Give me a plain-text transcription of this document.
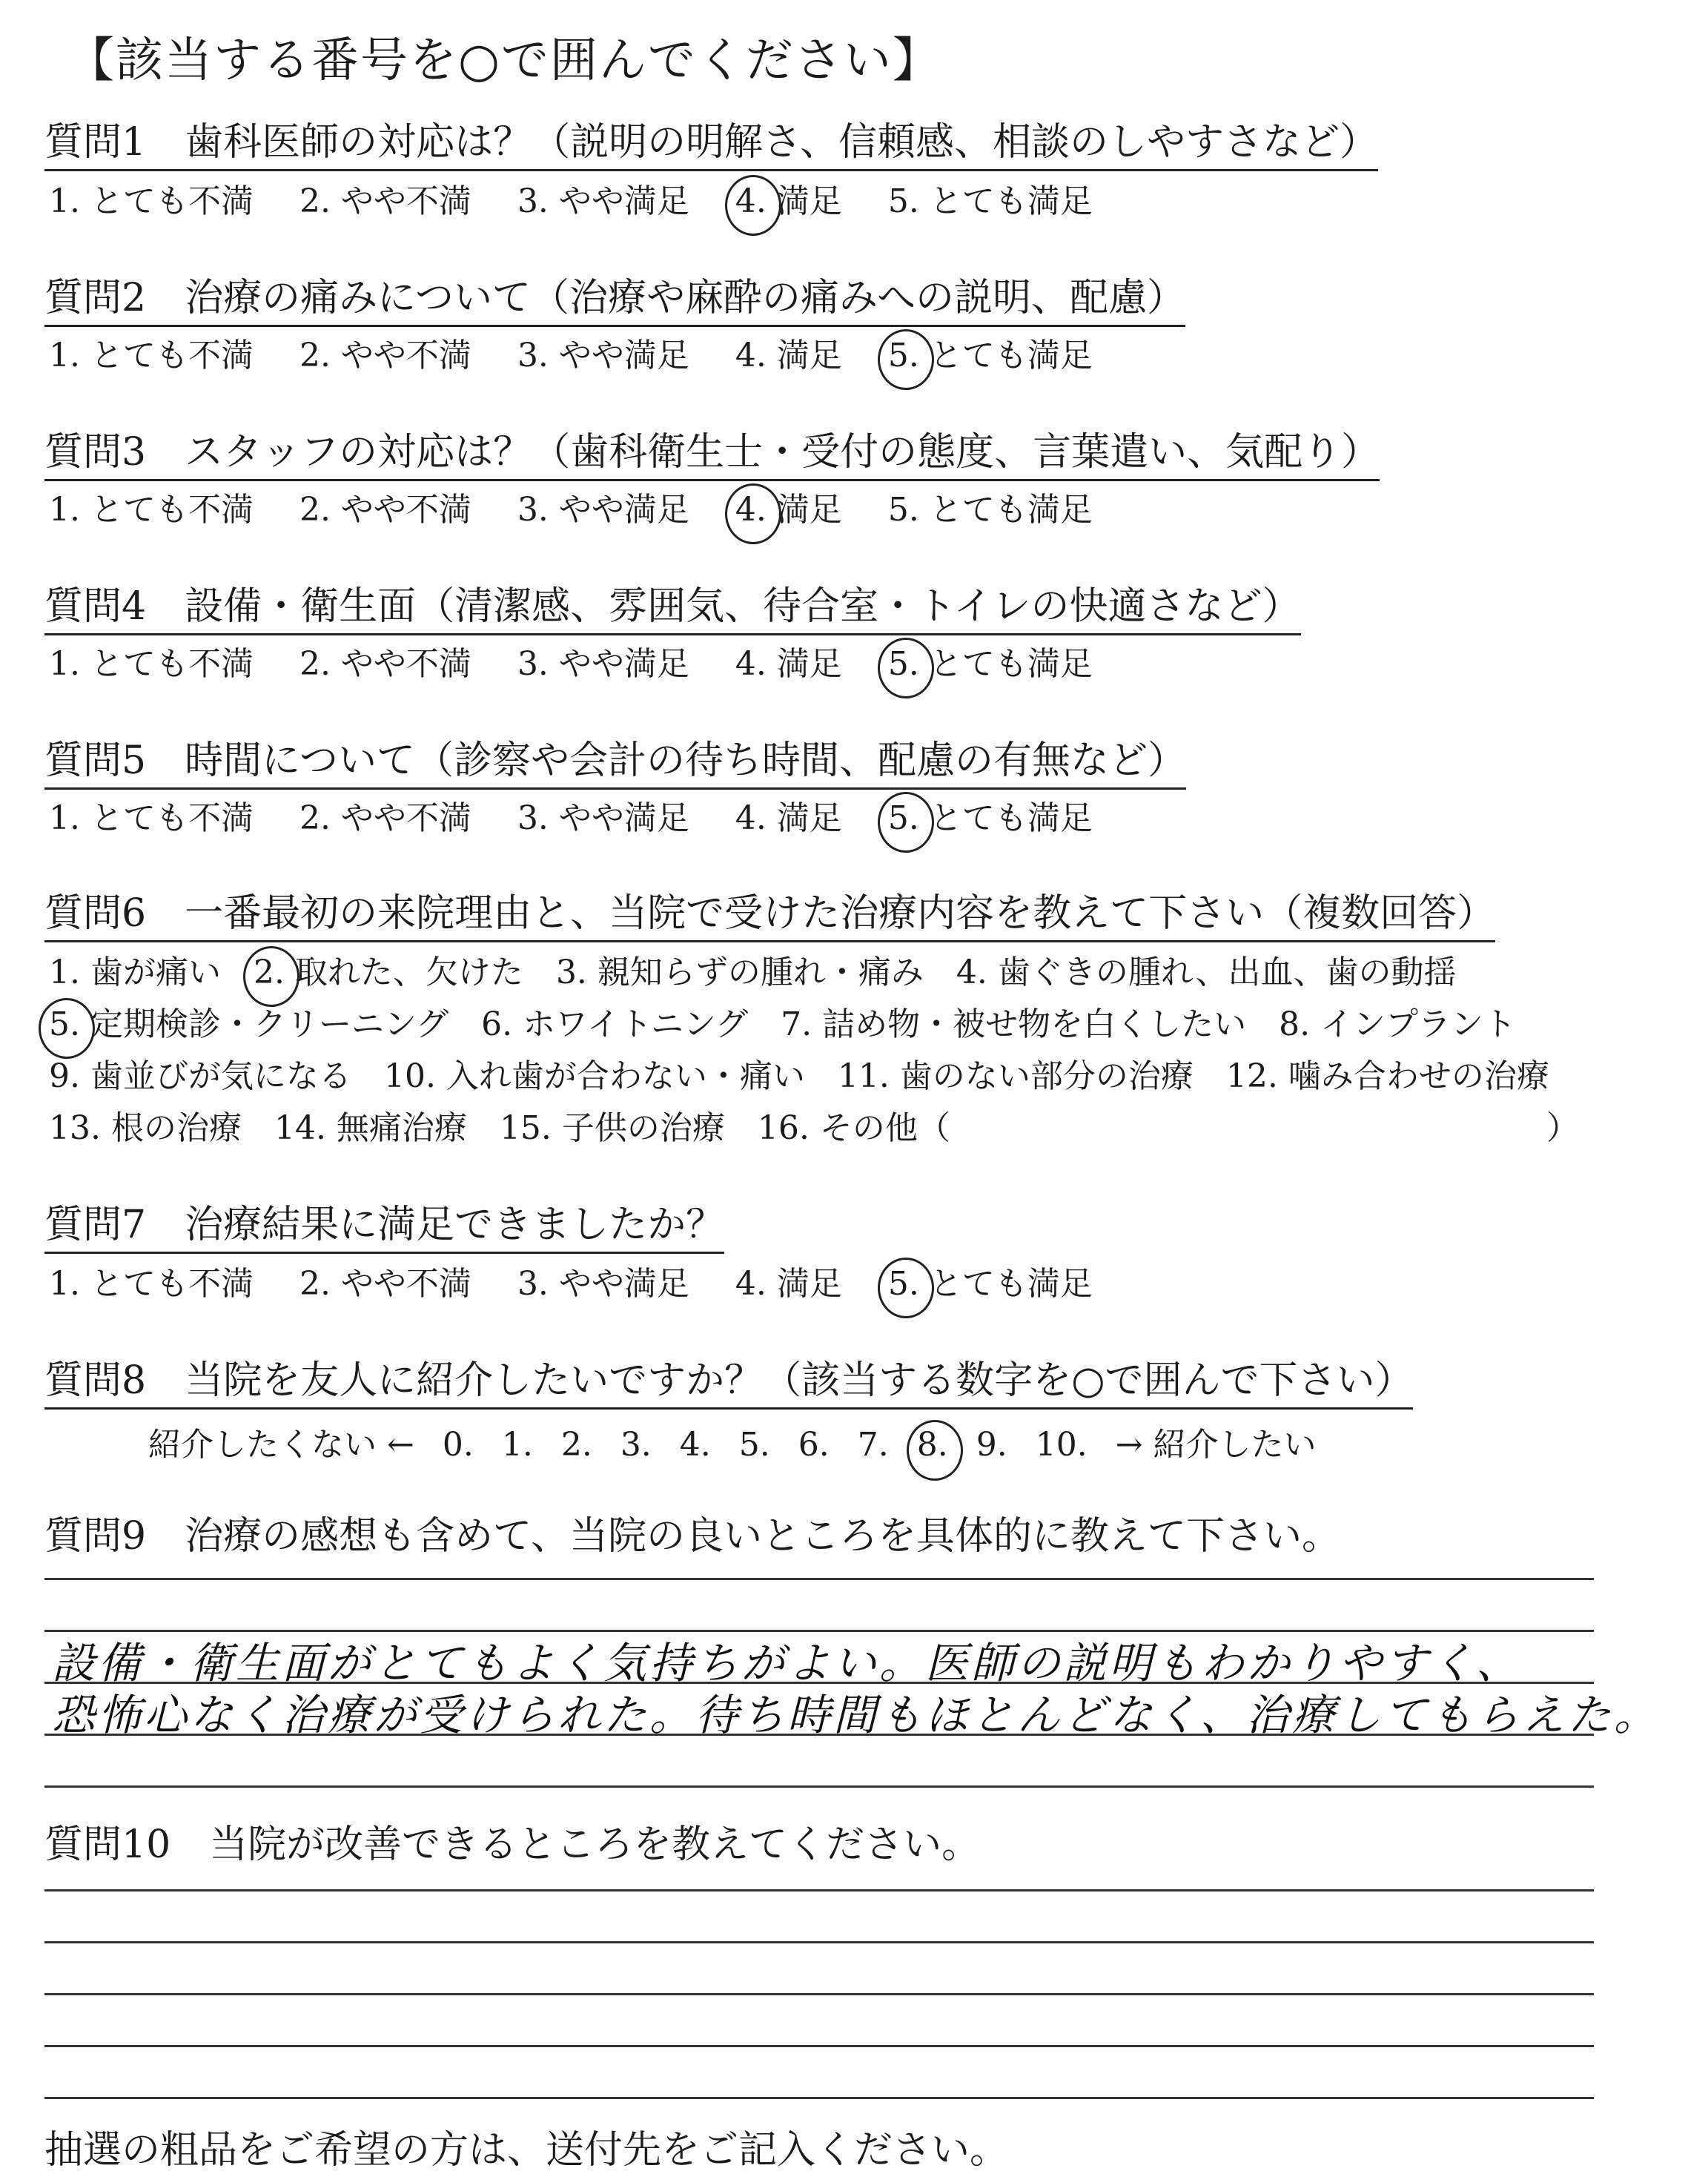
【該当する番号を○で囲んでください】
質問1　歯科医師の対応は？（説明の明解さ、信頼感、相談のしやすさなど）
1. とても不満 2. やや不満 3. やや満足 4. 満足 5. とても満足
質問2　治療の痛みについて（治療や麻酔の痛みへの説明、配慮）
1. とても不満 2. やや不満 3. やや満足 4. 満足 5. とても満足
質問3　スタッフの対応は？（歯科衛生士・受付の態度、言葉遣い、気配り）
1. とても不満 2. やや不満 3. やや満足 4. 満足 5. とても満足
質問4　設備・衛生面（清潔感、雰囲気、待合室・トイレの快適さなど）
1. とても不満 2. やや不満 3. やや満足 4. 満足 5. とても満足
質問5　時間について（診察や会計の待ち時間、配慮の有無など）
1. とても不満 2. やや不満 3. やや満足 4. 満足 5. とても満足
質問6　一番最初の来院理由と、当院で受けた治療内容を教えて下さい（複数回答）
1. 歯が痛い 2. 取れた、欠けた 3. 親知らずの腫れ・痛み 4. 歯ぐきの腫れ、出血、歯の動揺
5. 定期検診・クリーニング 6. ホワイトニング 7. 詰め物・被せ物を白くしたい 8. インプラント
9. 歯並びが気になる 10. 入れ歯が合わない・痛い 11. 歯のない部分の治療 12. 噛み合わせの治療
13. 根の治療 14. 無痛治療 15. 子供の治療 16. その他（	）
質問7　治療結果に満足できましたか？
1. とても不満 2. やや不満 3. やや満足 4. 満足 5. とても満足
質問8　当院を友人に紹介したいですか？（該当する数字を○で囲んで下さい）
紹介したくない ← 0. 1. 2. 3. 4. 5. 6. 7. 8. 9. 10. → 紹介したい
質問9　治療の感想も含めて、当院の良いところを具体的に教えて下さい。
設備・衛生面がとてもよく気持ちがよい。医師の説明もわかりやすく、
恐怖心なく治療が受けられた。待ち時間もほとんどなく、治療してもらえた。
質問10　当院が改善できるところを教えてください。
抽選の粗品をご希望の方は、送付先をご記入ください。
